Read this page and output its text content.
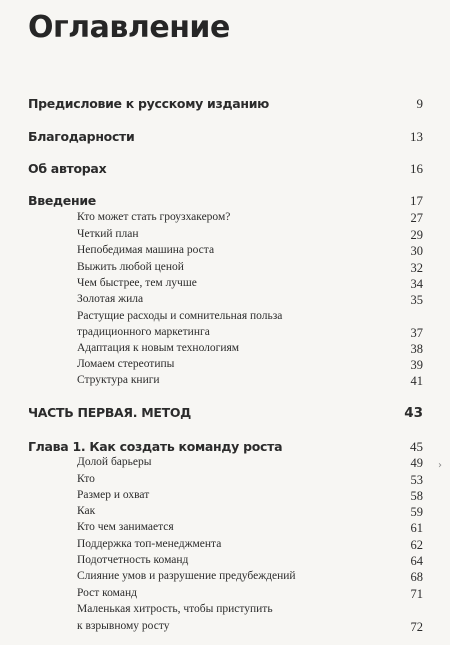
Оглавление
Предисловие к русскому изданию	9
Благодарности	13
Об авторах	16
Введение	17
Кто может стать гроузхакером?	27
Четкий план	29
Непобедимая машина роста	30
Выжить любой ценой	32
Чем быстрее, тем лучше	34
Золотая жила	35
Растущие расходы и сомнительная польза
традиционного маркетинга	37
Адаптация к новым технологиям	38
Ломаем стереотипы	39
Структура книги	41
ЧАСТЬ ПЕРВАЯ. МЕТОД	43
Глава 1. Как создать команду роста	45
Долой барьеры	49
Кто	53
Размер и охват	58
Как	59
Кто чем занимается	61
Поддержка топ-менеджмента	62
Подотчетность команд	64
Слияние умов и разрушение предубеждений	68
Рост команд	71
Маленькая хитрость, чтобы приступить
к взрывному росту	72
›
